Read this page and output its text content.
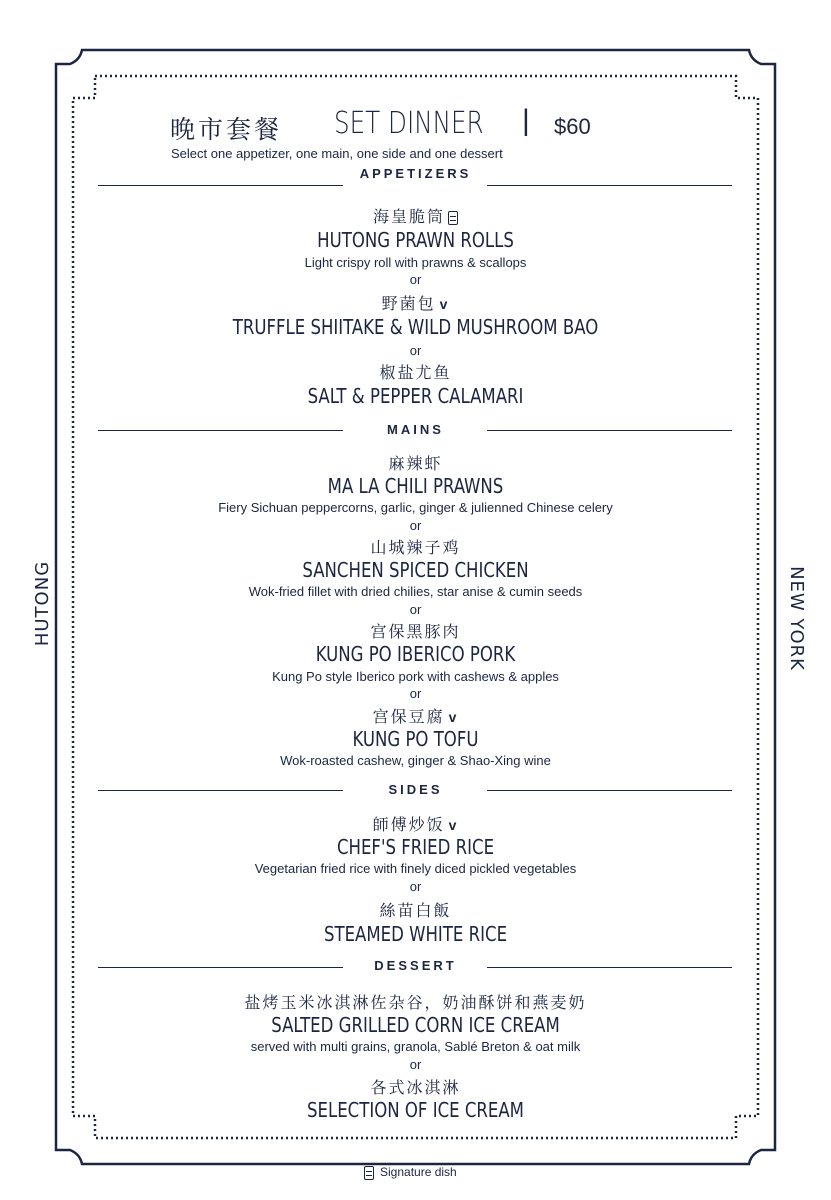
HUTONG	NEW YORK
晚市套餐 SET DINNER | $60
Select one appetizer, one main, one side and one dessert
APPETIZERS
海皇脆筒
HUTONG PRAWN ROLLS
Light crispy roll with prawns & scallops
or
野菌包 v
TRUFFLE SHIITAKE & WILD MUSHROOM BAO
or
椒盐尤鱼
SALT & PEPPER CALAMARI
MAINS
麻辣虾
MA LA CHILI PRAWNS
Fiery Sichuan peppercorns, garlic, ginger & julienned Chinese celery
or
山城辣子鸡
SANCHEN SPICED CHICKEN
Wok-fried fillet with dried chilies, star anise & cumin seeds
or
宫保黑豚肉
KUNG PO IBERICO PORK
Kung Po style Iberico pork with cashews & apples
or
宫保豆腐 v
KUNG PO TOFU
Wok-roasted cashew, ginger & Shao-Xing wine
SIDES
師傅炒饭 v
CHEF'S FRIED RICE
Vegetarian fried rice with finely diced pickled vegetables
or
絲苗白飯
STEAMED WHITE RICE
DESSERT
盐烤玉米冰淇淋佐杂谷，奶油酥饼和燕麦奶
SALTED GRILLED CORN ICE CREAM
served with multi grains, granola, Sablé Breton & oat milk
or
各式冰淇淋
SELECTION OF ICE CREAM
Signature dish
